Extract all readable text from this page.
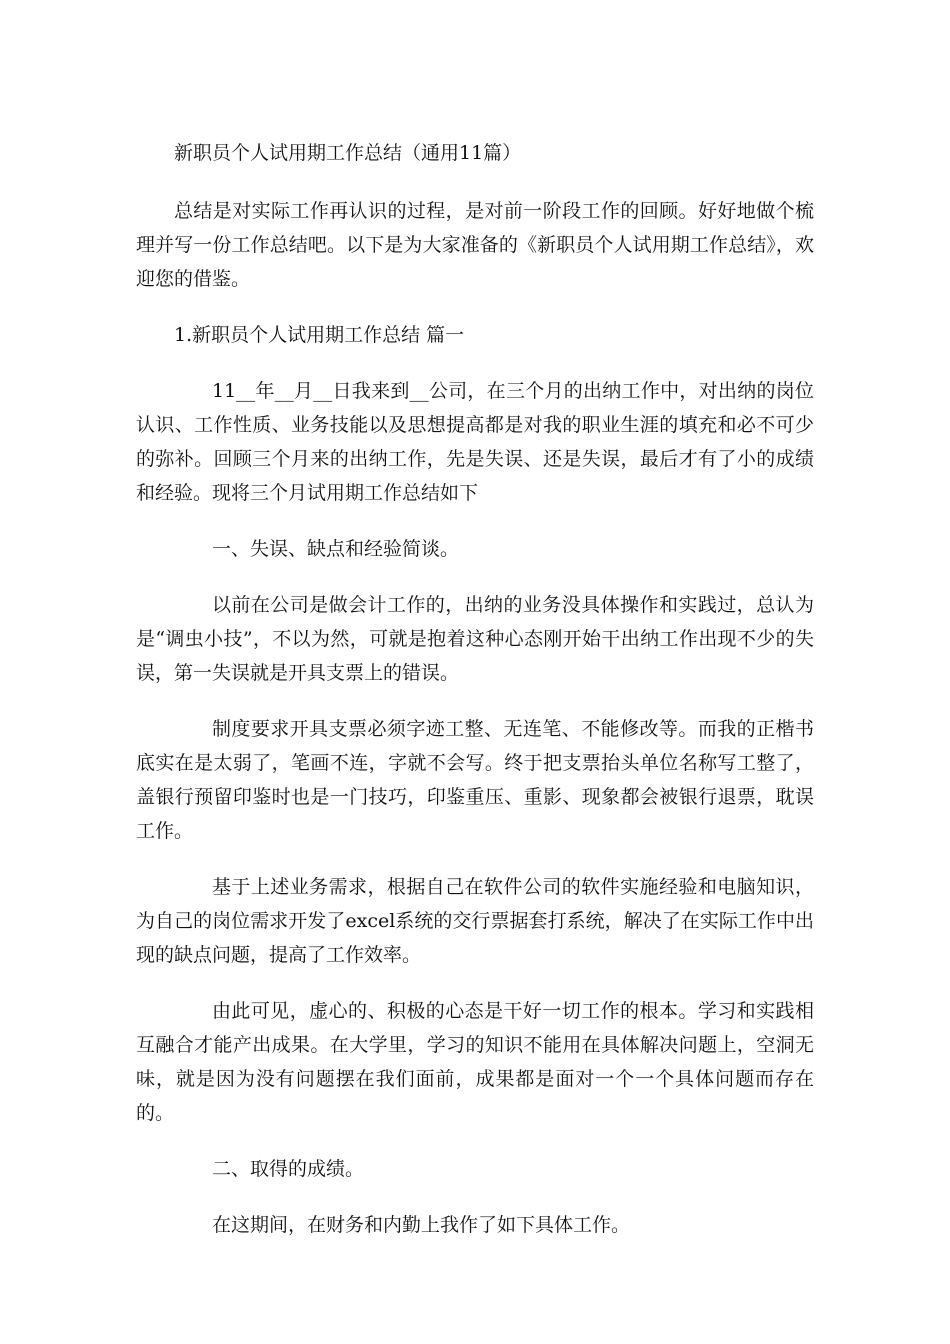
新职员个人试用期工作总结（通用11篇）

总结是对实际工作再认识的过程，是对前一阶段工作的回顾。好好地做个梳理并写一份工作总结吧。以下是为大家准备的《新职员个人试用期工作总结》，欢迎您的借鉴。

1.新职员个人试用期工作总结 篇一

11__年__月__日我来到__公司，在三个月的出纳工作中，对出纳的岗位认识、工作性质、业务技能以及思想提高都是对我的职业生涯的填充和必不可少的弥补。回顾三个月来的出纳工作，先是失误、还是失误，最后才有了小的成绩和经验。现将三个月试用期工作总结如下

一、失误、缺点和经验简谈。

以前在公司是做会计工作的，出纳的业务没具体操作和实践过，总认为是“调虫小技”，不以为然，可就是抱着这种心态刚开始干出纳工作出现不少的失误，第一失误就是开具支票上的错误。

制度要求开具支票必须字迹工整、无连笔、不能修改等。而我的正楷书底实在是太弱了，笔画不连，字就不会写。终于把支票抬头单位名称写工整了，盖银行预留印鉴时也是一门技巧，印鉴重压、重影、现象都会被银行退票，耽误工作。

基于上述业务需求，根据自己在软件公司的软件实施经验和电脑知识，为自己的岗位需求开发了excel系统的交行票据套打系统，解决了在实际工作中出现的缺点问题，提高了工作效率。

由此可见，虚心的、积极的心态是干好一切工作的根本。学习和实践相互融合才能产出成果。在大学里，学习的知识不能用在具体解决问题上，空洞无味，就是因为没有问题摆在我们面前，成果都是面对一个一个具体问题而存在的。

二、取得的成绩。

在这期间，在财务和内勤上我作了如下具体工作。
